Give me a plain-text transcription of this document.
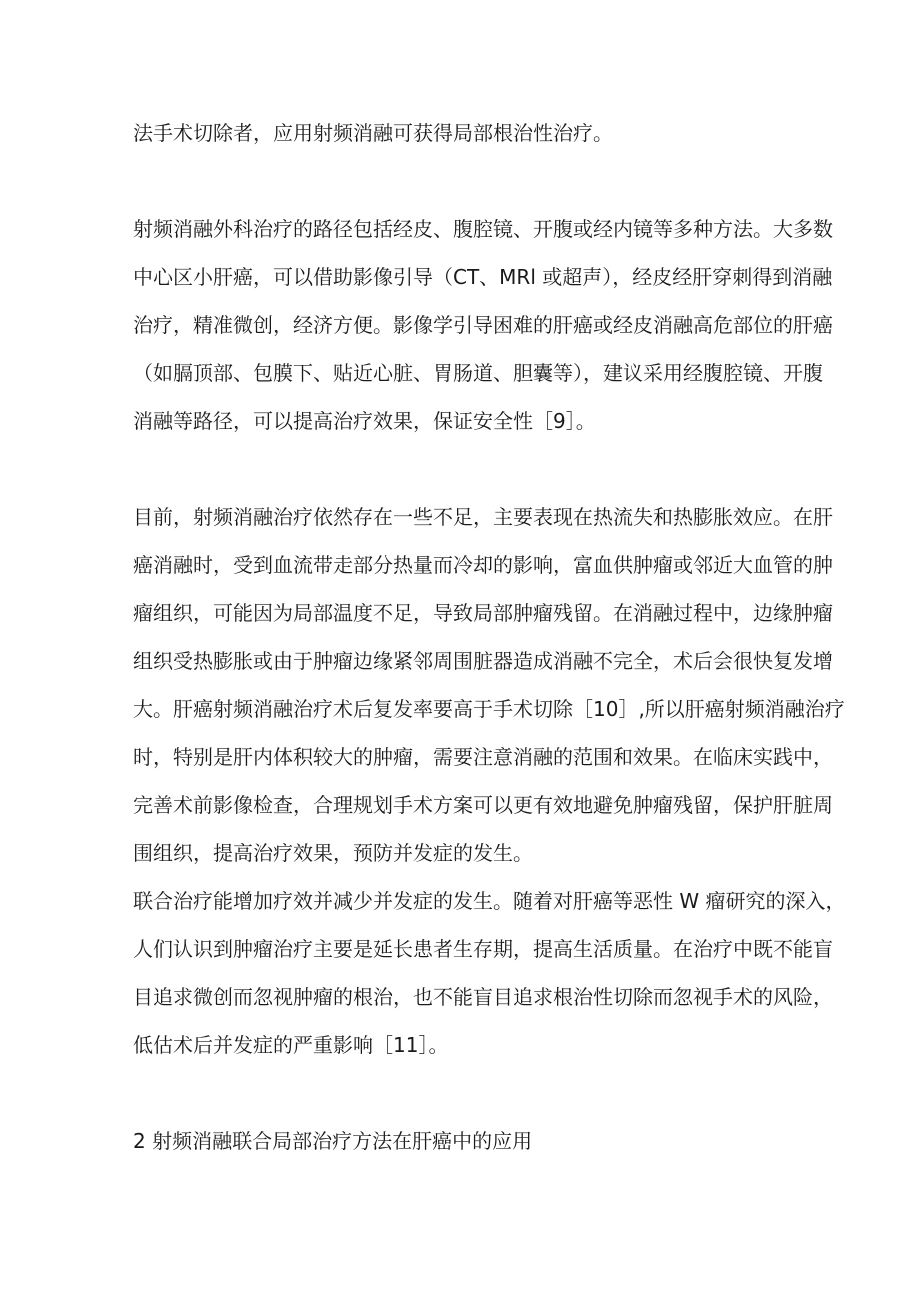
法手术切除者，应用射频消融可获得局部根治性治疗。
射频消融外科治疗的路径包括经皮、腹腔镜、开腹或经内镜等多种方法。大多数
中心区小肝癌，可以借助影像引导（CT、MRl 或超声），经皮经肝穿刺得到消融
治疗，精准微创，经济方便。影像学引导困难的肝癌或经皮消融高危部位的肝癌
（如膈顶部、包膜下、贴近心脏、胃肠道、胆囊等），建议采用经腹腔镜、开腹
消融等路径，可以提高治疗效果，保证安全性［9］。
目前，射频消融治疗依然存在一些不足，主要表现在热流失和热膨胀效应。在肝
癌消融时，受到血流带走部分热量而冷却的影响，富血供肿瘤或邻近大血管的肿
瘤组织，可能因为局部温度不足，导致局部肿瘤残留。在消融过程中，边缘肿瘤
组织受热膨胀或由于肿瘤边缘紧邻周围脏器造成消融不完全，术后会很快复发增
大。肝癌射频消融治疗术后复发率要高于手术切除［10］,所以肝癌射频消融治疗
时，特别是肝内体积较大的肿瘤，需要注意消融的范围和效果。在临床实践中，
完善术前影像检查，合理规划手术方案可以更有效地避免肿瘤残留，保护肝脏周
围组织，提高治疗效果，预防并发症的发生。
联合治疗能增加疗效并减少并发症的发生。随着对肝癌等恶性 W 瘤研究的深入，
人们认识到肿瘤治疗主要是延长患者生存期，提高生活质量。在治疗中既不能盲
目追求微创而忽视肿瘤的根治，也不能盲目追求根治性切除而忽视手术的风险，
低估术后并发症的严重影响［11］。
2 射频消融联合局部治疗方法在肝癌中的应用
